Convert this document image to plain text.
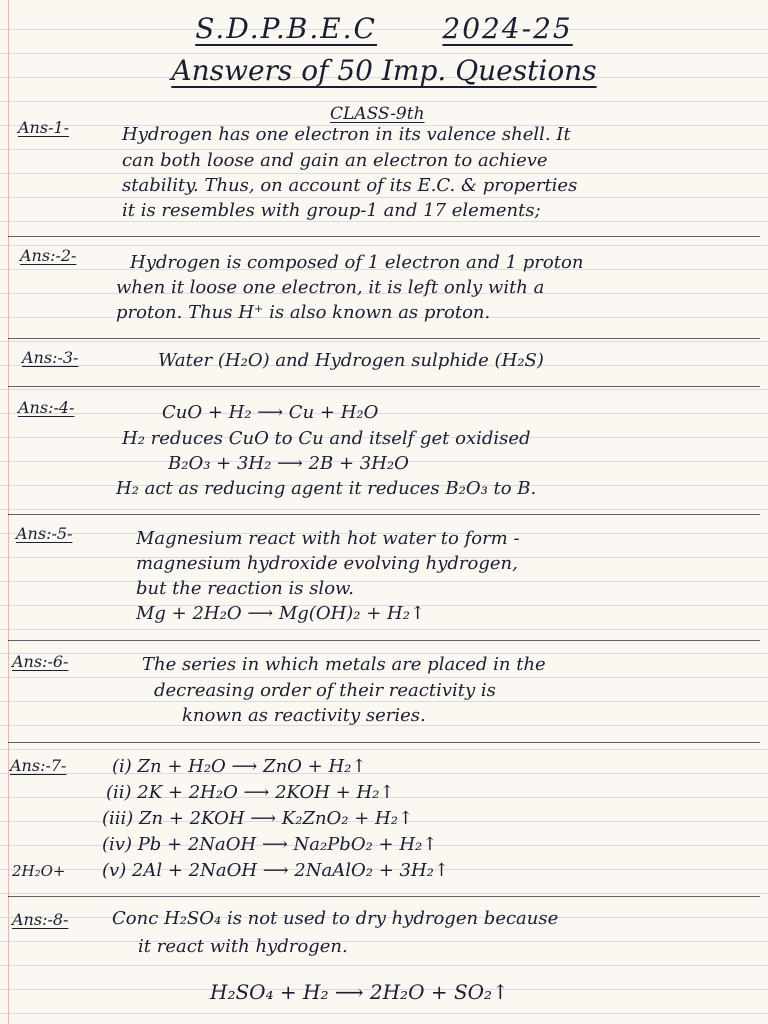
S.D.P.B.E.C 2024-25
Answers of 50 Imp. Questions
CLASS-9th
Ans-1-	Hydrogen has one electron in its valence shell. It
can both loose and gain an electron to achieve
stability. Thus, on account of its E.C. & properties
it is resembles with group-1 and 17 elements;
Ans:-2-	Hydrogen is composed of 1 electron and 1 proton
when it loose one electron, it is left only with a
proton. Thus H⁺ is also known as proton.
Ans:-3-	Water (H₂O) and Hydrogen sulphide (H₂S)
Ans:-4-	CuO + H₂ ⟶ Cu + H₂O
H₂ reduces CuO to Cu and itself get oxidised
B₂O₃ + 3H₂ ⟶ 2B + 3H₂O
H₂ act as reducing agent it reduces B₂O₃ to B.
Ans:-5-	Magnesium react with hot water to form -
magnesium hydroxide evolving hydrogen,
but the reaction is slow.
Mg + 2H₂O ⟶ Mg(OH)₂ + H₂↑
Ans:-6-	The series in which metals are placed in the
decreasing order of their reactivity is
known as reactivity series.
Ans:-7-	(i) Zn + H₂O ⟶ ZnO + H₂↑
(ii) 2K + 2H₂O ⟶ 2KOH + H₂↑
(iii) Zn + 2KOH ⟶ K₂ZnO₂ + H₂↑
(iv) Pb + 2NaOH ⟶ Na₂PbO₂ + H₂↑
(v) 2Al + 2NaOH ⟶ 2NaAlO₂ + 3H₂↑
2H₂O+
Ans:-8- Conc H₂SO₄ is not used to dry hydrogen because
it react with hydrogen.
H₂SO₄ + H₂ ⟶ 2H₂O + SO₂↑
